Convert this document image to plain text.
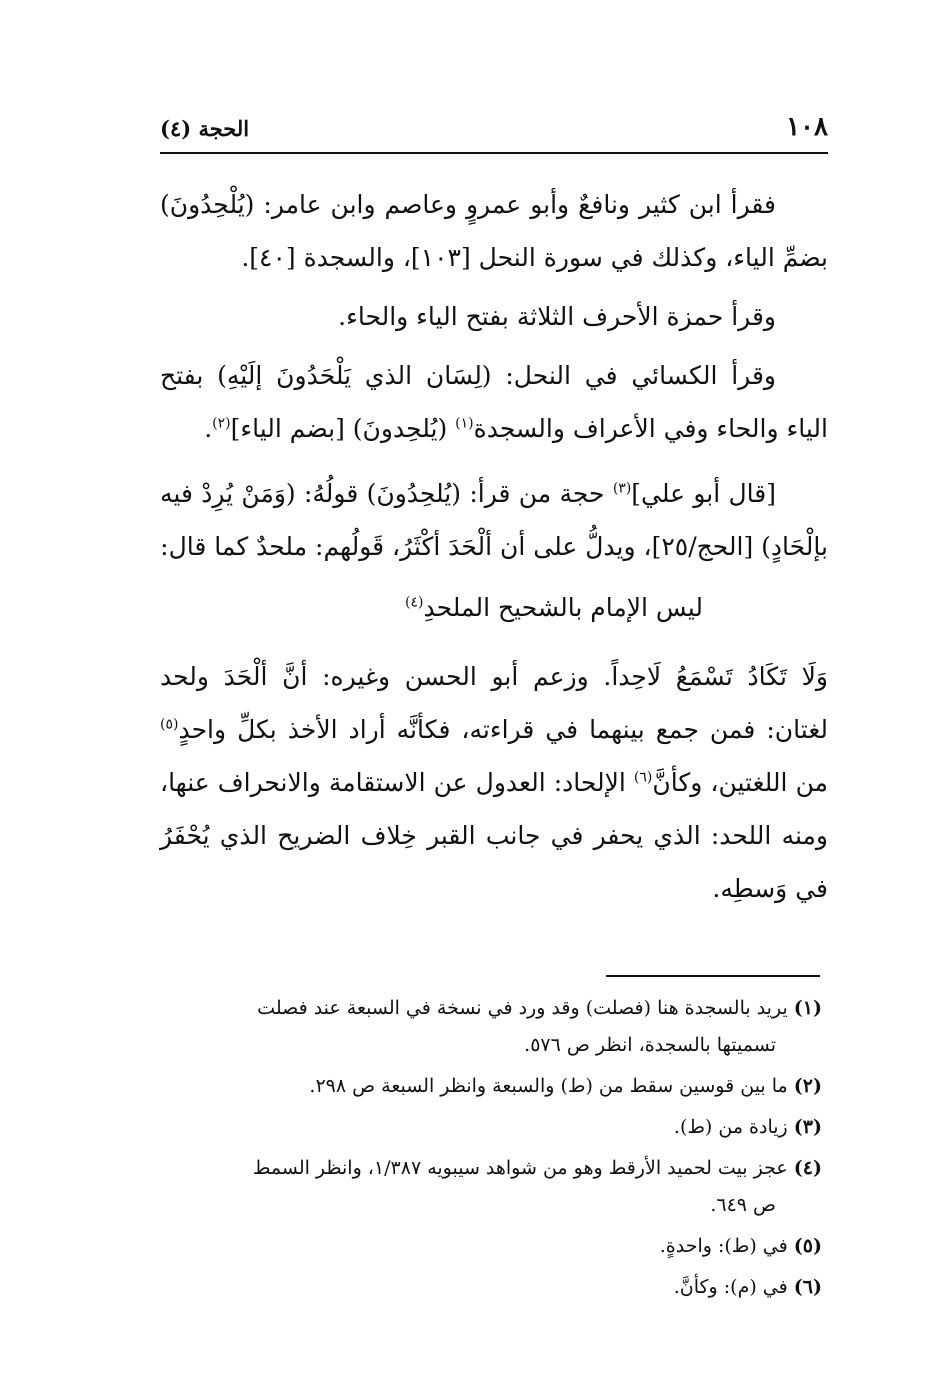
١٠٨
الحجة (٤)

فقرأ ابن كثير ونافعٌ وأبو عمروٍ وعاصم وابن عامر: (يُلْحِدُونَ) بضمِّ الياء، وكذلك في سورة النحل [١٠٣]، والسجدة [٤٠].

وقرأ حمزة الأحرف الثلاثة بفتح الياء والحاء.

وقرأ الكسائي في النحل: (لِسَان الذي يَلْحَدُونَ إلَيْهِ) بفتح الياء والحاء وفي الأعراف والسجدة$^{(١)}$ (يُلحِدونَ) [بضم الياء]$^{(٢)}$.

[قال أبو علي]$^{(٣)}$ حجة من قرأ: (يُلحِدُونَ) قولُهُ: (وَمَنْ يُرِدْ فيه بإلْحَادٍ) [الحج/٢٥]، ويدلُّ على أن ألْحَدَ أكْثَرُ، قَولُهم: ملحدٌ كما قال:

ليس الإمام بالشحيح الملحدِ$^{(٤)}$

وَلَا تَكَادُ تَسْمَعُ لَاحِداً. وزعم أبو الحسن وغيره: أنَّ ألْحَدَ ولحد لغتان: فمن جمع بينهما في قراءته، فكأنَّه أراد الأخذ بكلِّ واحدٍ$^{(٥)}$ من اللغتين، وكأنَّ$^{(٦)}$ الإلحاد: العدول عن الاستقامة والانحراف عنها، ومنه اللحد: الذي يحفر في جانب القبر خِلاف الضريح الذي يُحْفَرُ في وَسطِه.

(١) يريد بالسجدة هنا (فصلت) وقد ورد في نسخة في السبعة عند فصلت
تسميتها بالسجدة، انظر ص ٥٧٦.
(٢) ما بين قوسين سقط من (ط) والسبعة وانظر السبعة ص ٢٩٨.
(٣) زيادة من (ط).
(٤) عجز بيت لحميد الأرقط وهو من شواهد سيبويه ١/٣٨٧، وانظر السمط
ص ٦٤٩.
(٥) في (ط): واحدةٍ.
(٦) في (م): وكأنَّ.
